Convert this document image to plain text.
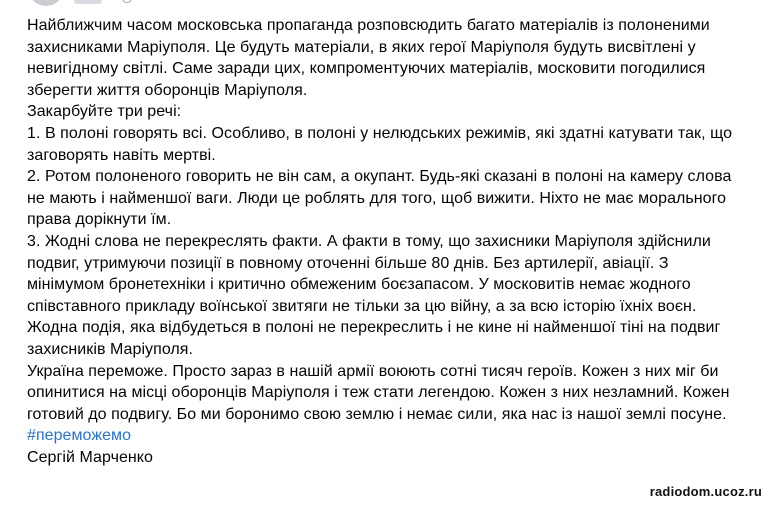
Найближчим часом московська пропаганда розповсюдить багато матеріалів із полоненими захисниками Маріуполя. Це будуть матеріали, в яких герої Маріуполя будуть висвітлені у невигідному світлі. Саме заради цих, компроментуючих матеріалів, московити погодилися зберегти життя оборонців Маріуполя.

Закарбуйте три речі:

1. В полоні говорять всі. Особливо, в полоні у нелюдських режимів, які здатні катувати так, що заговорять навіть мертві.

2. Ротом полоненого говорить не він сам, а окупант. Будь-які сказані в полоні на камеру слова не мають і найменшої ваги. Люди це роблять для того, щоб вижити. Ніхто не має морального права дорікнути їм.

3. Жодні слова не перекреслять факти. А факти в тому, що захисники Маріуполя здійснили подвиг, утримуючи позиції в повному оточенні більше 80 днів. Без артилерії, авіації. З мінімумом бронетехніки і критично обмеженим боєзапасом. У московитів немає жодного співставного прикладу воїнської звитяги не тільки за цю війну, а за всю історію їхніх воєн. Жодна подія, яка відбудеться в полоні не перекреслить і не кине ні найменшої тіні на подвиг захисників Маріуполя.

Україна переможе. Просто зараз в нашій армії воюють сотні тисяч героїв. Кожен з них міг би опинитися на місці оборонців Маріуполя і теж стати легендою. Кожен з них незламний. Кожен готовий до подвигу. Бо ми боронимо свою землю і немає сили, яка нас із нашої землі посуне.

#переможемо

Сергій Марченко

radiodom.ucoz.ru
